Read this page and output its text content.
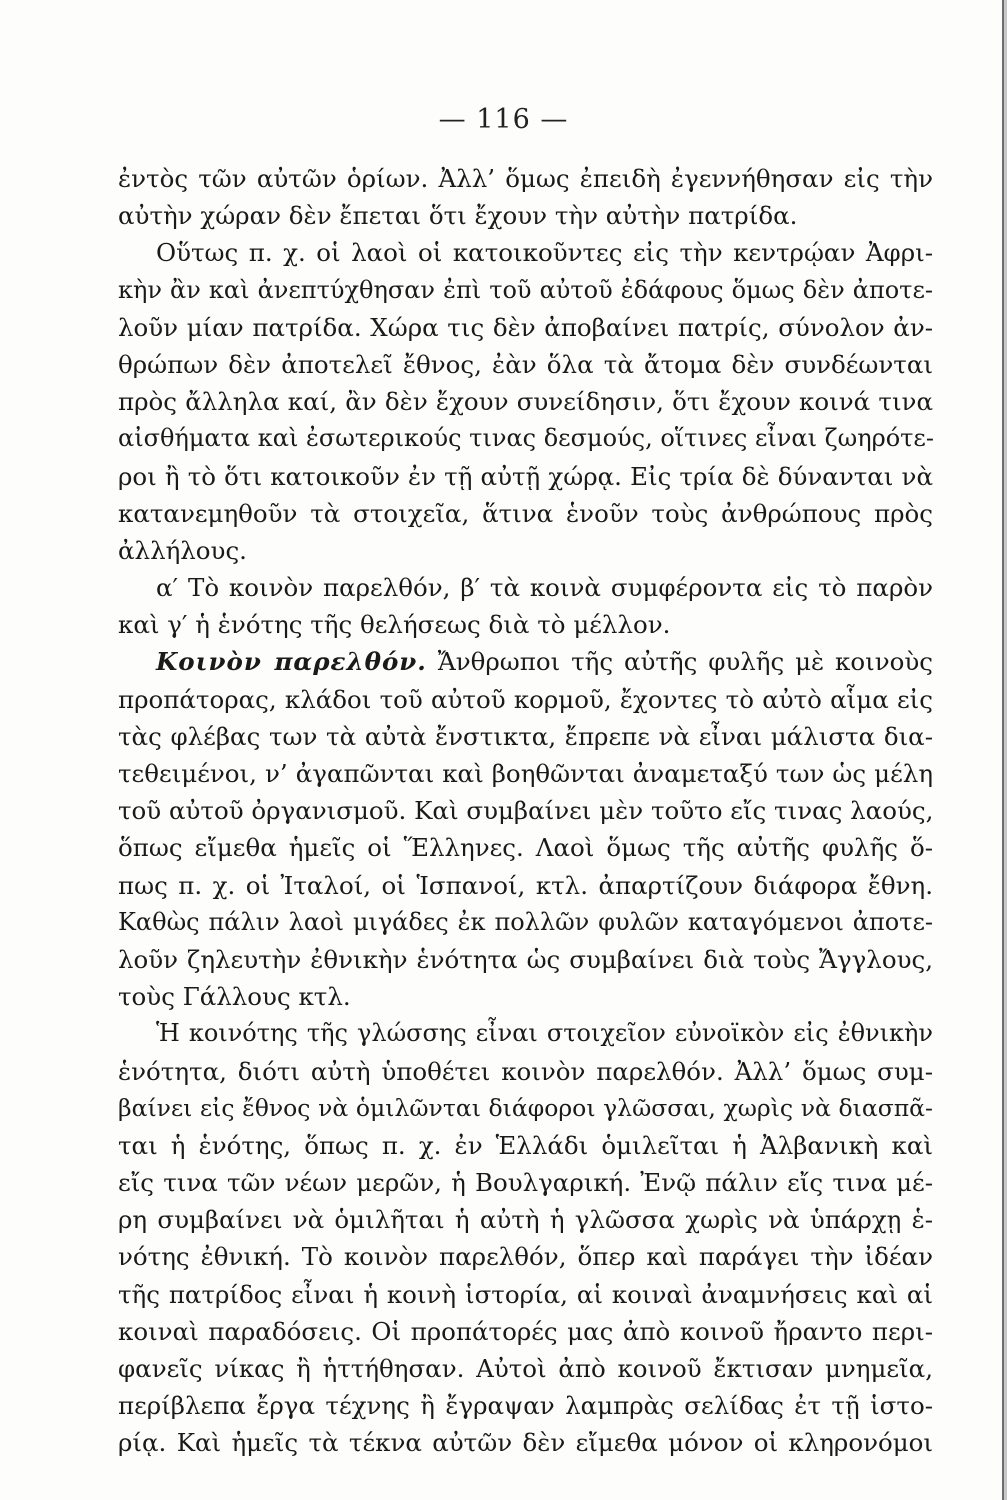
— 116 —
ἐντὸς τῶν αὐτῶν ὁρίων. Ἀλλ’ ὅμως ἐπειδὴ ἐγεννήθησαν εἰς τὴν
αὐτὴν χώραν δὲν ἔπεται ὅτι ἔχουν τὴν αὐτὴν πατρίδα.
Οὕτως π. χ. οἱ λαοὶ οἱ κατοικοῦντες εἰς τὴν κεντρῴαν Ἀφρι-
κὴν ἂν καὶ ἀνεπτύχθησαν ἐπὶ τοῦ αὐτοῦ ἐδάφους ὅμως δὲν ἀποτε-
λοῦν μίαν πατρίδα. Χώρα τις δὲν ἀποβαίνει πατρίς, σύνολον ἀν-
θρώπων δὲν ἀποτελεῖ ἔθνος, ἐὰν ὅλα τὰ ἄτομα δὲν συνδέωνται
πρὸς ἄλληλα καί, ἂν δὲν ἔχουν συνείδησιν, ὅτι ἔχουν κοινά τινα
αἰσθήματα καὶ ἐσωτερικούς τινας δεσμούς, οἵτινες εἶναι ζωηρότε-
ροι ἢ τὸ ὅτι κατοικοῦν ἐν τῇ αὐτῇ χώρᾳ. Εἰς τρία δὲ δύνανται νὰ
κατανεμηθοῦν τὰ στοιχεῖα, ἅτινα ἑνοῦν τοὺς ἀνθρώπους πρὸς
ἀλλήλους.
α′ Τὸ κοινὸν παρελθόν, β′ τὰ κοινὰ συμφέροντα εἰς τὸ παρὸν
καὶ γ′ ἡ ἑνότης τῆς θελήσεως διὰ τὸ μέλλον.
Κοινὸν παρελθόν. Ἄνθρωποι τῆς αὐτῆς φυλῆς μὲ κοινοὺς
προπάτορας, κλάδοι τοῦ αὐτοῦ κορμοῦ, ἔχοντες τὸ αὐτὸ αἷμα εἰς
τὰς φλέβας των τὰ αὐτὰ ἔνστικτα, ἔπρεπε νὰ εἶναι μάλιστα δια-
τεθειμένοι, ν’ ἀγαπῶνται καὶ βοηθῶνται ἀναμεταξύ των ὡς μέλη
τοῦ αὐτοῦ ὀργανισμοῦ. Καὶ συμβαίνει μὲν τοῦτο εἴς τινας λαούς,
ὅπως εἴμεθα ἡμεῖς οἱ Ἕλληνες. Λαοὶ ὅμως τῆς αὐτῆς φυλῆς ὅ-
πως π. χ. οἱ Ἰταλοί, οἱ Ἱσπανοί, κτλ. ἀπαρτίζουν διάφορα ἔθνη.
Καθὼς πάλιν λαοὶ μιγάδες ἐκ πολλῶν φυλῶν καταγόμενοι ἀποτε-
λοῦν ζηλευτὴν ἐθνικὴν ἑνότητα ὡς συμβαίνει διὰ τοὺς Ἄγγλους,
τοὺς Γάλλους κτλ.
Ἡ κοινότης τῆς γλώσσης εἶναι στοιχεῖον εὐνοϊκὸν εἰς ἐθνικὴν
ἑνότητα, διότι αὐτὴ ὑποθέτει κοινὸν παρελθόν. Ἀλλ’ ὅμως συμ-
βαίνει εἰς ἔθνος νὰ ὁμιλῶνται διάφοροι γλῶσσαι, χωρὶς νὰ διασπᾶ-
ται ἡ ἑνότης, ὅπως π. χ. ἐν Ἑλλάδι ὁμιλεῖται ἡ Ἀλβανικὴ καὶ
εἴς τινα τῶν νέων μερῶν, ἡ Βουλγαρική. Ἐνῷ πάλιν εἴς τινα μέ-
ρη συμβαίνει νὰ ὁμιλῆται ἡ αὐτὴ ἡ γλῶσσα χωρὶς νὰ ὑπάρχῃ ἑ-
νότης ἐθνική. Τὸ κοινὸν παρελθόν, ὅπερ καὶ παράγει τὴν ἰδέαν
τῆς πατρίδος εἶναι ἡ κοινὴ ἱστορία, αἱ κοιναὶ ἀναμνήσεις καὶ αἱ
κοιναὶ παραδόσεις. Οἱ προπάτορές μας ἀπὸ κοινοῦ ἤραντο περι-
φανεῖς νίκας ἢ ἡττήθησαν. Αὐτοὶ ἀπὸ κοινοῦ ἔκτισαν μνημεῖα,
περίβλεπα ἔργα τέχνης ἢ ἔγραψαν λαμπρὰς σελίδας ἐτ τῇ ἱστο-
ρίᾳ. Καὶ ἡμεῖς τὰ τέκνα αὐτῶν δὲν εἴμεθα μόνον οἱ κληρονόμοι
